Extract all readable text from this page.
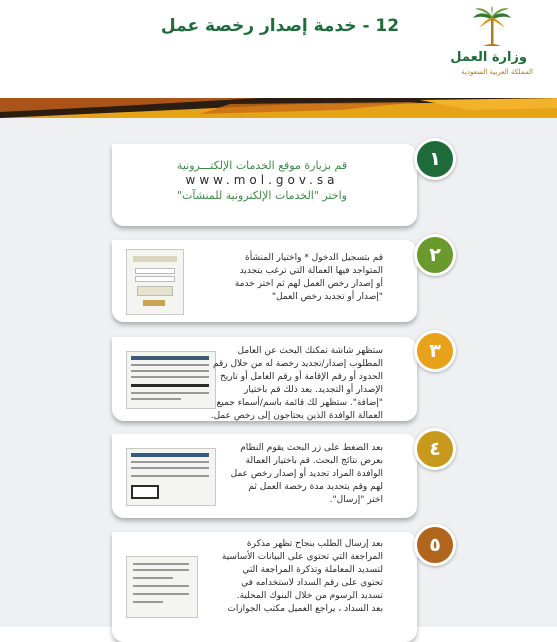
12 - خدمة إصدار رخصة عمل
وزارة العمل
المملكة العربية السعودية
قم بزيارة موقع الخدمات الإلكتـــرونية
www.mol.gov.sa
واختر "الخدمات الإلكترونية للمنشآت"
١
قم بتسجيل الدخول * واختيار المنشأة
المتواجد فيها العمالة التي ترغب بتجديد
أو إصدار رخص العمل لهم ثم اختر خدمة
"إصدار أو تجديد رخص العمل"
٢
ستظهر شاشة تمكنك البحث عن العامل
المطلوب إصدار/تجديد رخصة له من خلال رقم
الحدود أو رقم الإقامة أو رقم العامل أو تاريخ
الإصدار أو التجديد. بعد ذلك قم باختيار
"إضافة". ستظهر لك قائمة باسم/أسماء جميع
العمالة الوافدة الذين يحتاجون إلى رخص عمل.
٣
بعد الضغط على زر البحث يقوم النظام
بعرض نتائج البحث. قم باختيار العمالة
الوافدة المراد تجديد أو إصدار رخص عمل
لهم وقم بتحديد مدة رخصة العمل ثم
اختر "إرسال".
٤
بعد إرسال الطلب بنجاح تظهر مذكرة
المراجعة التي تحتوي على البيانات الأساسية
لتسديد المعاملة وتذكرة المراجعة التي
تحتوي على رقم السداد لاستخدامه في
تسديد الرسوم من خلال البنوك المحلية.
بعد السداد ، يراجع العميل مكتب الجوازات
٥
